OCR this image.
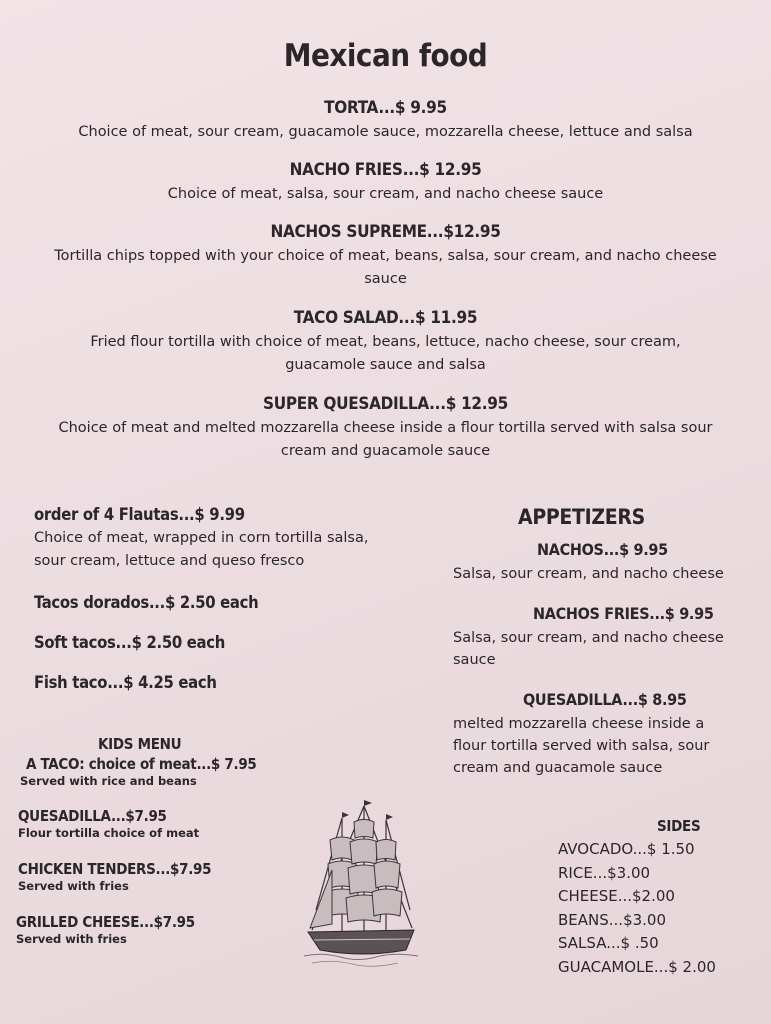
Mexican food
TORTA...$ 9.95
Choice of meat, sour cream, guacamole sauce, mozzarella cheese, lettuce and salsa
NACHO FRIES...$ 12.95
Choice of meat, salsa, sour cream, and nacho cheese sauce
NACHOS SUPREME...$12.95
Tortilla chips topped with your choice of meat, beans, salsa, sour cream, and nacho cheese
sauce
TACO SALAD...$ 11.95
Fried flour tortilla with choice of meat, beans, lettuce, nacho cheese, sour cream,
guacamole sauce and salsa
SUPER QUESADILLA...$ 12.95
Choice of meat and melted mozzarella cheese inside a flour tortilla served with salsa sour
cream and guacamole sauce
order of 4 Flautas...$ 9.99
Choice of meat, wrapped in corn tortilla salsa,
sour cream, lettuce and queso fresco
Tacos dorados...$ 2.50 each
Soft tacos...$ 2.50 each
Fish taco...$ 4.25 each
KIDS MENU
A TACO: choice of meat...$ 7.95
Served with rice and beans
QUESADILLA...$7.95
Flour tortilla choice of meat
CHICKEN TENDERS...$7.95
Served with fries
GRILLED CHEESE...$7.95
Served with fries
APPETIZERS
NACHOS...$ 9.95
Salsa, sour cream, and nacho cheese
NACHOS FRIES...$ 9.95
Salsa, sour cream, and nacho cheese
sauce
QUESADILLA...$ 8.95
melted mozzarella cheese inside a
flour tortilla served with salsa, sour
cream and guacamole sauce
SIDES
AVOCADO...$ 1.50
RICE...$3.00
CHEESE...$2.00
BEANS...$3.00
SALSA...$ .50
GUACAMOLE...$ 2.00
